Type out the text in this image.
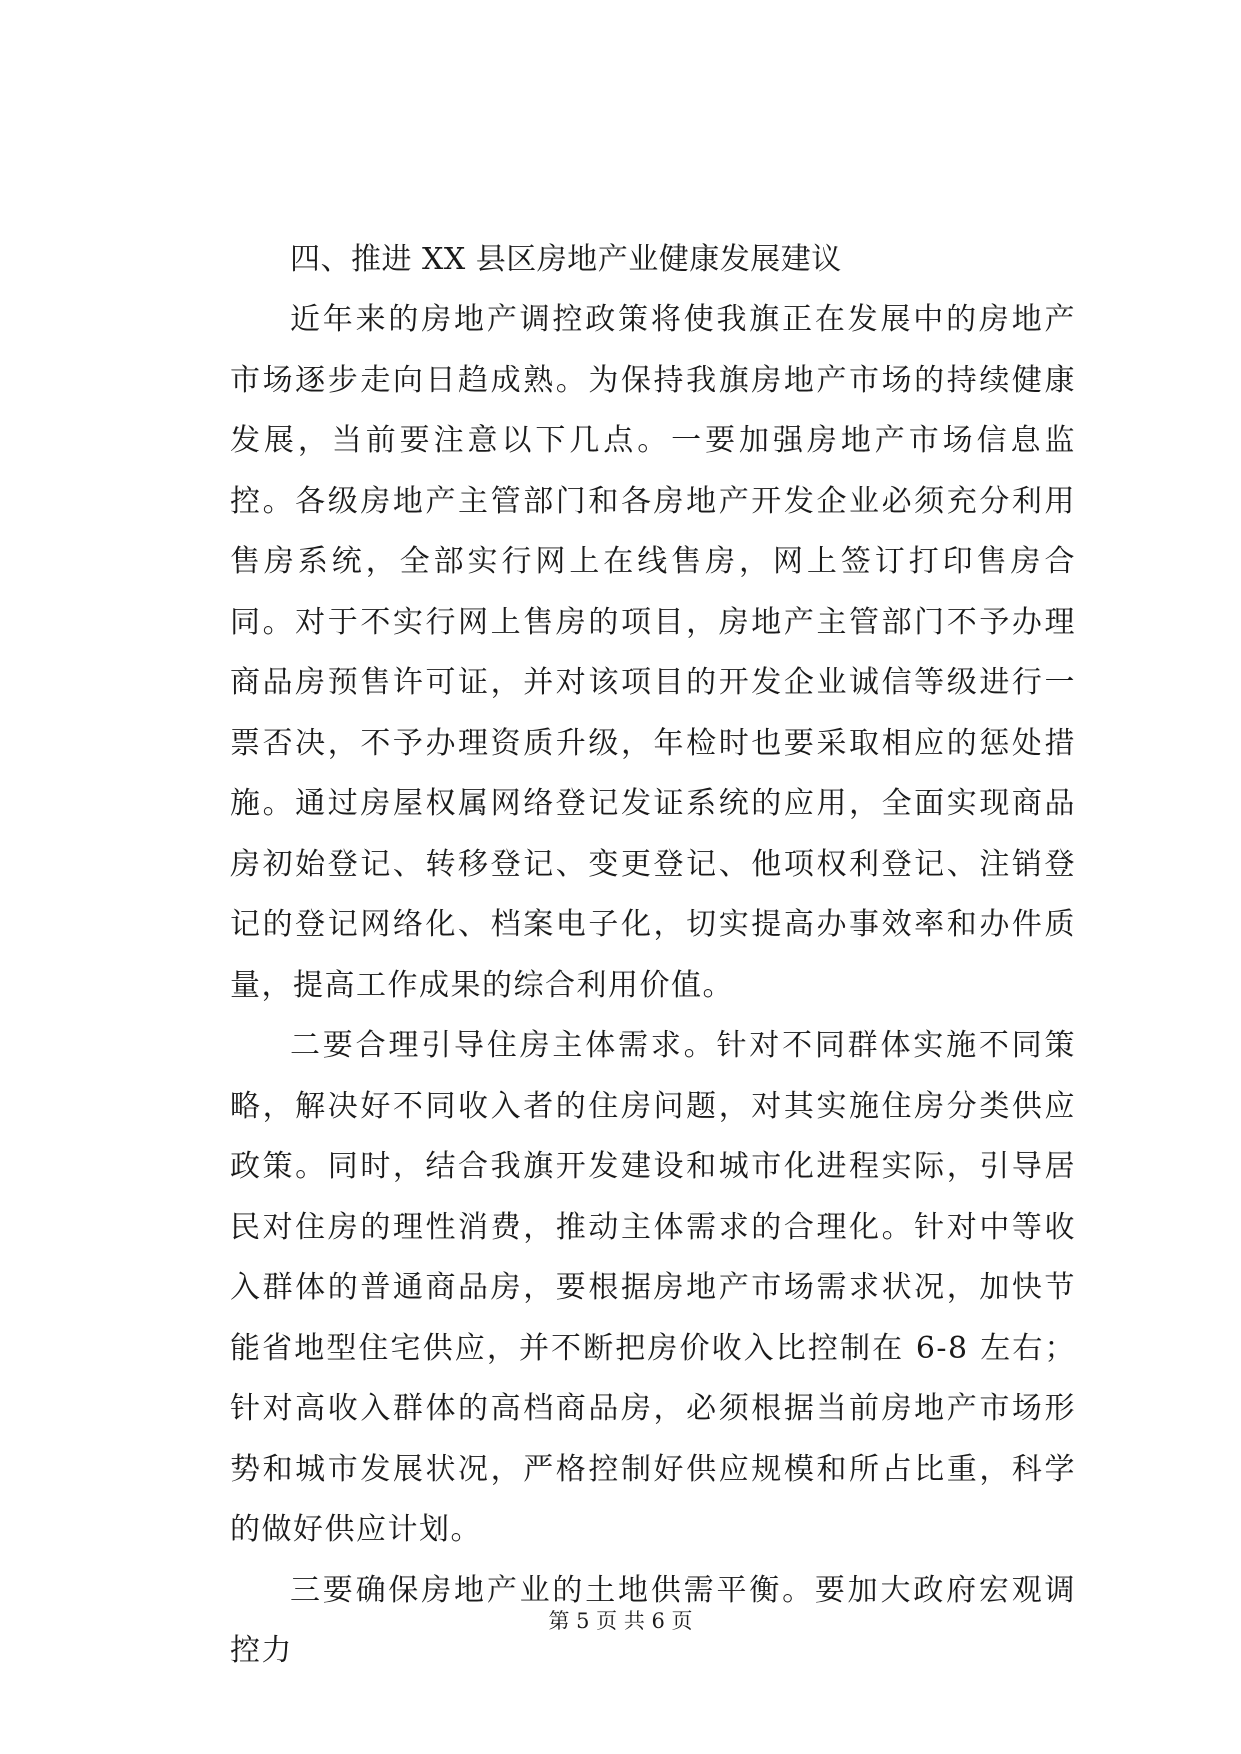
四、推进 XX 县区房地产业健康发展建议

近年来的房地产调控政策将使我旗正在发展中的房地产市场逐步走向日趋成熟。为保持我旗房地产市场的持续健康发展，当前要注意以下几点。一要加强房地产市场信息监控。各级房地产主管部门和各房地产开发企业必须充分利用售房系统，全部实行网上在线售房，网上签订打印售房合同。对于不实行网上售房的项目，房地产主管部门不予办理商品房预售许可证，并对该项目的开发企业诚信等级进行一票否决，不予办理资质升级，年检时也要采取相应的惩处措施。通过房屋权属网络登记发证系统的应用，全面实现商品房初始登记、转移登记、变更登记、他项权利登记、注销登记的登记网络化、档案电子化，切实提高办事效率和办件质量，提高工作成果的综合利用价值。

二要合理引导住房主体需求。针对不同群体实施不同策略，解决好不同收入者的住房问题，对其实施住房分类供应政策。同时，结合我旗开发建设和城市化进程实际，引导居民对住房的理性消费，推动主体需求的合理化。针对中等收入群体的普通商品房，要根据房地产市场需求状况，加快节能省地型住宅供应，并不断把房价收入比控制在 6-8 左右；针对高收入群体的高档商品房，必须根据当前房地产市场形势和城市发展状况，严格控制好供应规模和所占比重，科学的做好供应计划。

三要确保房地产业的土地供需平衡。要加大政府宏观调控力

第 5 页 共 6 页
